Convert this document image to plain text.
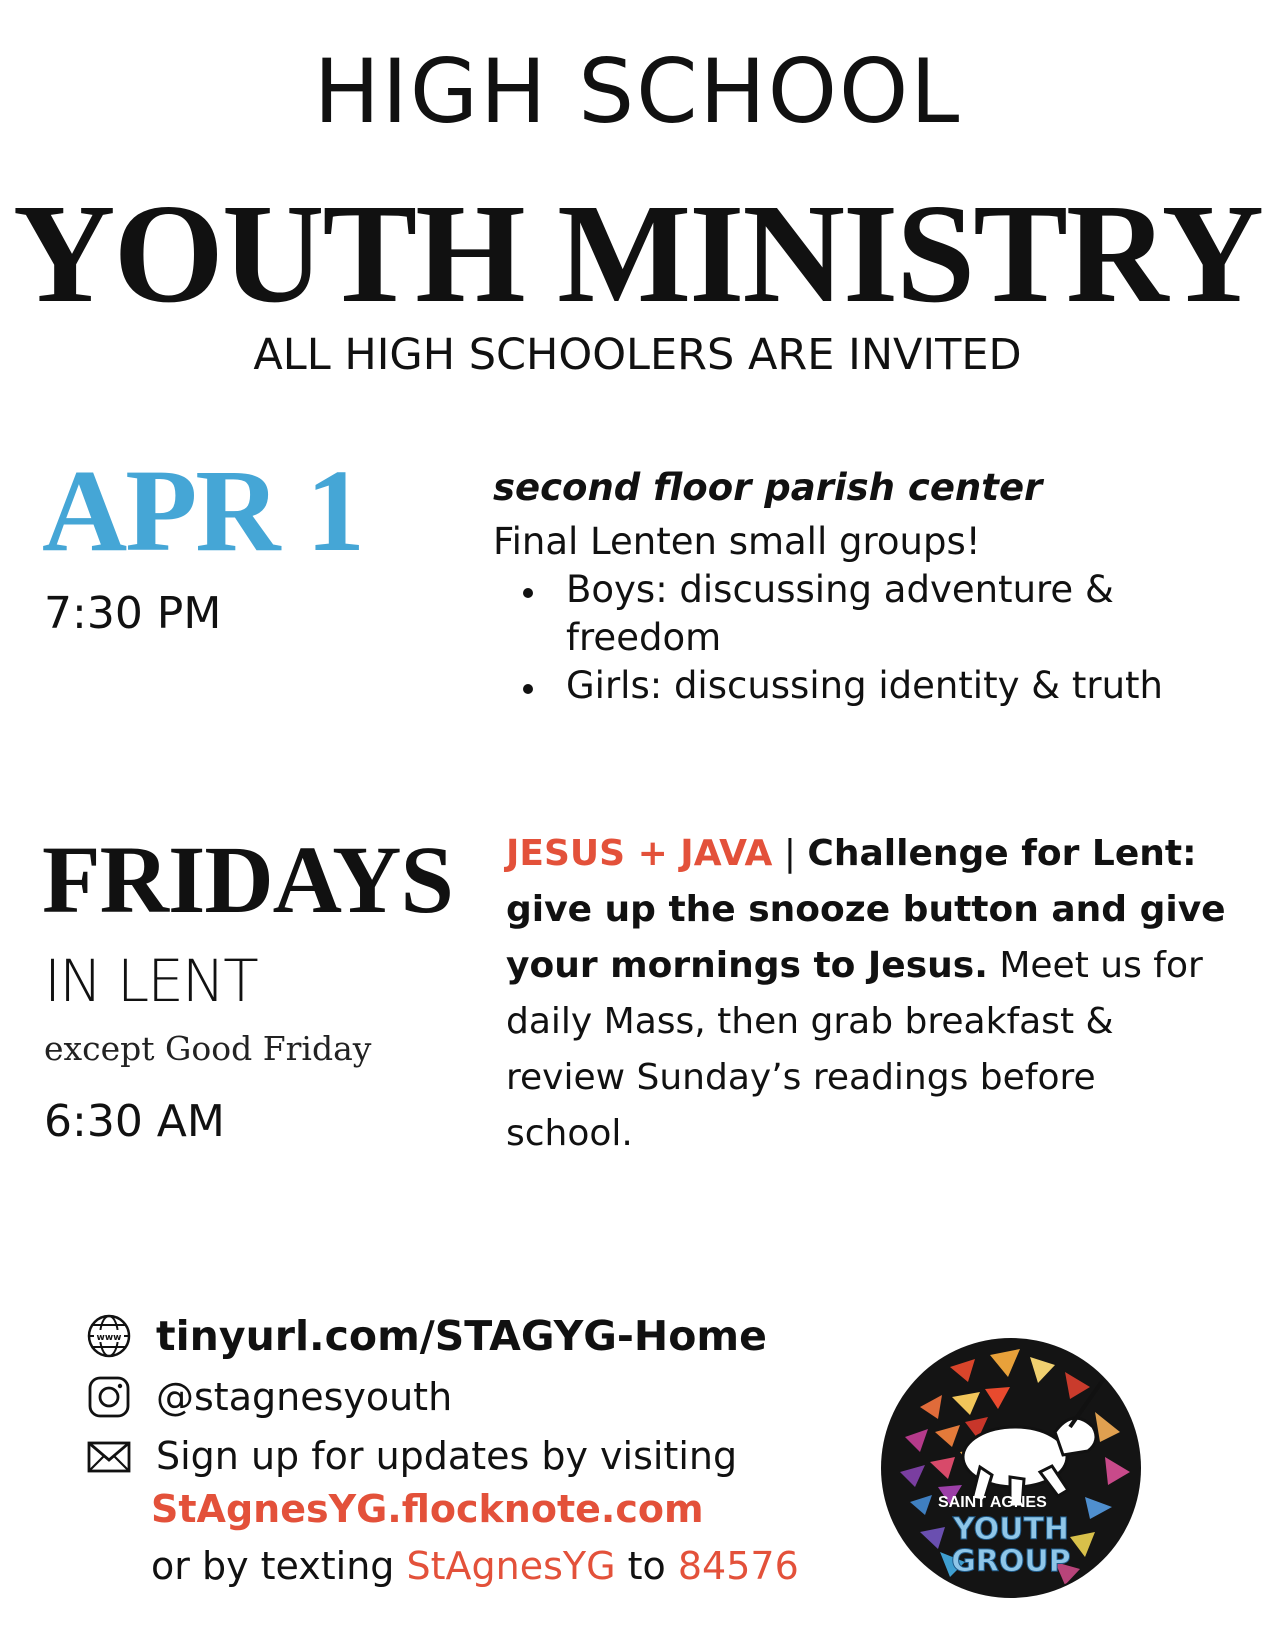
HIGH SCHOOL
YOUTH MINISTRY
ALL HIGH SCHOOLERS ARE INVITED
APR 1
7:30 PM
second floor parish center
Final Lenten small groups!
Boys: discussing adventure & freedom
Girls: discussing identity & truth
FRIDAYS
IN LENT
except Good Friday
6:30 AM
JESUS + JAVA | Challenge for Lent: give up the snooze button and give your mornings to Jesus. Meet us for daily Mass, then grab breakfast & review Sunday’s readings before school.
www tinyurl.com/STAGYG-Home
@stagnesyouth
Sign up for updates by visiting
StAgnesYG.flocknote.com
or by texting StAgnesYG to 84576
SAINT AGNES
YOUTH
GROUP
